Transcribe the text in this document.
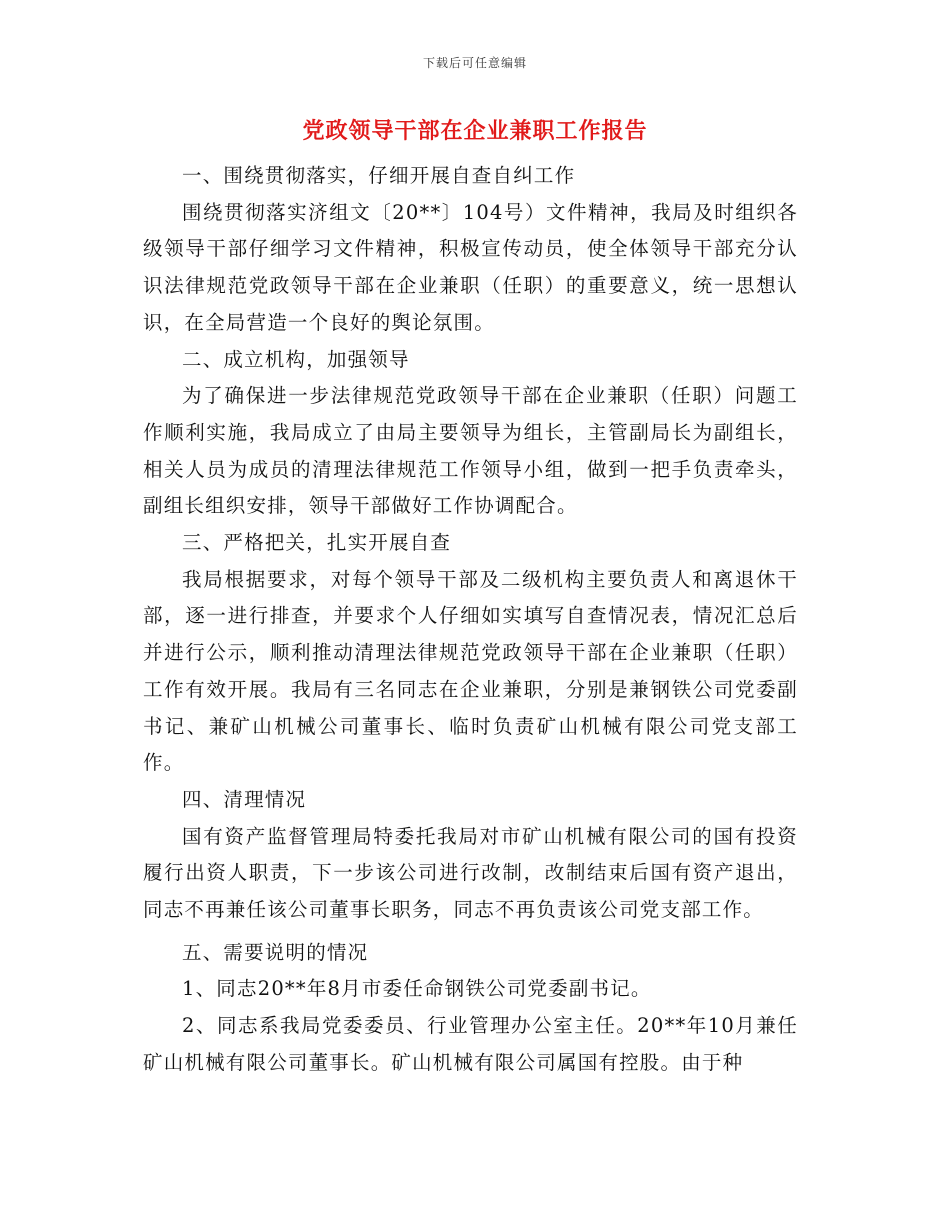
下载后可任意编辑
党政领导干部在企业兼职工作报告

一、围绕贯彻落实，仔细开展自查自纠工作

围绕贯彻落实济组文〔20**〕104号）文件精神，我局及时组织各级领导干部仔细学习文件精神，积极宣传动员，使全体领导干部充分认识法律规范党政领导干部在企业兼职（任职）的重要意义，统一思想认识，在全局营造一个良好的舆论氛围。

二、成立机构，加强领导

为了确保进一步法律规范党政领导干部在企业兼职（任职）问题工作顺利实施，我局成立了由局主要领导为组长，主管副局长为副组长，相关人员为成员的清理法律规范工作领导小组，做到一把手负责牵头，副组长组织安排，领导干部做好工作协调配合。

三、严格把关，扎实开展自查

我局根据要求，对每个领导干部及二级机构主要负责人和离退休干部，逐一进行排查，并要求个人仔细如实填写自查情况表，情况汇总后并进行公示，顺利推动清理法律规范党政领导干部在企业兼职（任职）工作有效开展。我局有三名同志在企业兼职，分别是兼钢铁公司党委副书记、兼矿山机械公司董事长、临时负责矿山机械有限公司党支部工作。

四、清理情况

国有资产监督管理局特委托我局对市矿山机械有限公司的国有投资履行出资人职责，下一步该公司进行改制，改制结束后国有资产退出，同志不再兼任该公司董事长职务，同志不再负责该公司党支部工作。

五、需要说明的情况

1、同志20**年8月市委任命钢铁公司党委副书记。

2、同志系我局党委委员、行业管理办公室主任。20**年10月兼任矿山机械有限公司董事长。矿山机械有限公司属国有控股。由于种
